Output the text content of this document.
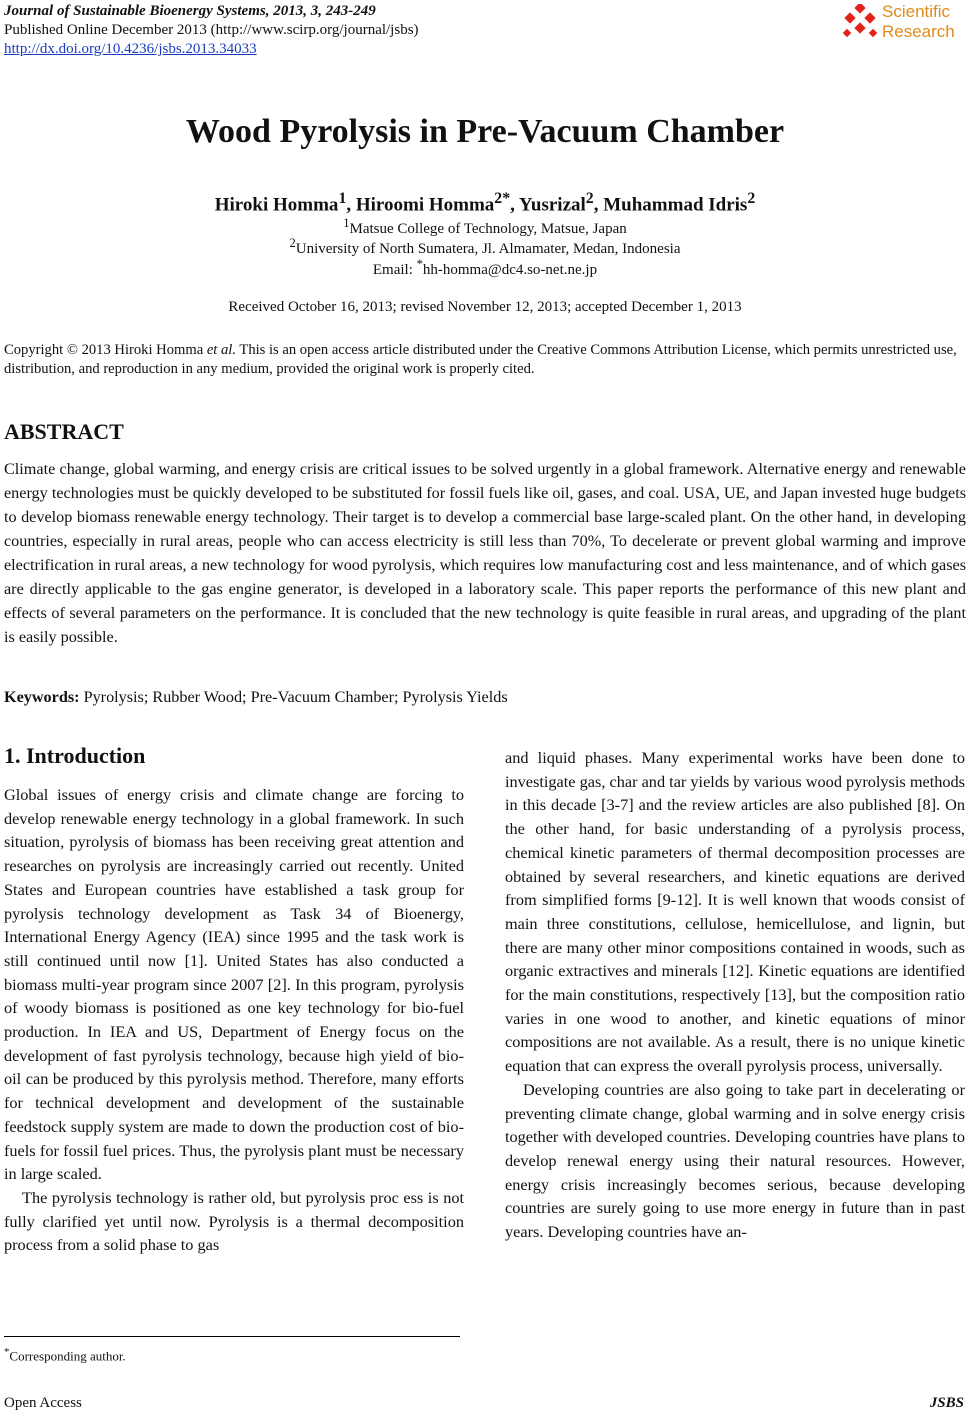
Journal of Sustainable Bioenergy Systems, 2013, 3, 243-249
Published Online December 2013 (http://www.scirp.org/journal/jsbs)
http://dx.doi.org/10.4236/jsbs.2013.34033
Scientific
Research
Wood Pyrolysis in Pre-Vacuum Chamber
Hiroki Homma$^1$, Hiroomi Homma$^{2*}$, Yusrizal$^2$, Muhammad Idris$^2$
$^1$Matsue College of Technology, Matsue, Japan
$^2$University of North Sumatera, Jl. Almamater, Medan, Indonesia
Email: *hh-homma@dc4.so-net.ne.jp
Received October 16, 2013; revised November 12, 2013; accepted December 1, 2013
Copyright © 2013 Hiroki Homma et al. This is an open access article distributed under the Creative Commons Attribution License, which permits unrestricted use, distribution, and reproduction in any medium, provided the original work is properly cited.
ABSTRACT
Climate change, global warming, and energy crisis are critical issues to be solved urgently in a global framework. Alternative energy and renewable energy technologies must be quickly developed to be substituted for fossil fuels like oil, gases, and coal. USA, UE, and Japan invested huge budgets to develop biomass renewable energy technology. Their target is to develop a commercial base large-scaled plant. On the other hand, in developing countries, especially in rural areas, people who can access electricity is still less than 70%, To decelerate or prevent global warming and improve electrification in rural areas, a new technology for wood pyrolysis, which requires low manufacturing cost and less maintenance, and of which gases are directly applicable to the gas engine generator, is developed in a laboratory scale. This paper reports the performance of this new plant and effects of several parameters on the performance. It is concluded that the new technology is quite feasible in rural areas, and upgrading of the plant is easily possible.
Keywords: Pyrolysis; Rubber Wood; Pre-Vacuum Chamber; Pyrolysis Yields
1. Introduction

Global issues of energy crisis and climate change are forcing to develop renewable energy technology in a global framework. In such situation, pyrolysis of biomass has been receiving great attention and researches on pyrolysis are increasingly carried out recently. United States and European countries have established a task group for pyrolysis technology development as Task 34 of Bioenergy, International Energy Agency (IEA) since 1995 and the task work is still continued until now [1]. United States has also conducted a biomass multi-year program since 2007 [2]. In this program, pyrolysis of woody biomass is positioned as one key technology for bio-fuel production. In IEA and US, Department of Energy focus on the development of fast pyrolysis technology, because high yield of bio-oil can be produced by this pyrolysis method. Therefore, many efforts for technical development and development of the sustainable feedstock supply system are made to down the production cost of bio-fuels for fossil fuel prices. Thus, the pyrolysis plant must be necessary in large scaled.

The pyrolysis technology is rather old, but pyrolysis proc ess is not fully clarified yet until now. Pyrolysis is a thermal decomposition process from a solid phase to gas

and liquid phases. Many experimental works have been done to investigate gas, char and tar yields by various wood pyrolysis methods in this decade [3-7] and the review articles are also published [8]. On the other hand, for basic understanding of a pyrolysis process, chemical kinetic parameters of thermal decomposition processes are obtained by several researchers, and kinetic equations are derived from simplified forms [9-12]. It is well known that woods consist of main three constitutions, cellulose, hemicellulose, and lignin, but there are many other minor compositions contained in woods, such as organic extractives and minerals [12]. Kinetic equations are identified for the main constitutions, respectively [13], but the composition ratio varies in one wood to another, and kinetic equations of minor compositions are not available. As a result, there is no unique kinetic equation that can express the overall pyrolysis process, universally.

Developing countries are also going to take part in decelerating or preventing climate change, global warming and in solve energy crisis together with developed countries. Developing countries have plans to develop renewal energy using their natural resources. However, energy crisis increasingly becomes serious, because developing countries are surely going to use more energy in future than in past years. Developing countries have an-

*Corresponding author.
Open Access	JSBS
